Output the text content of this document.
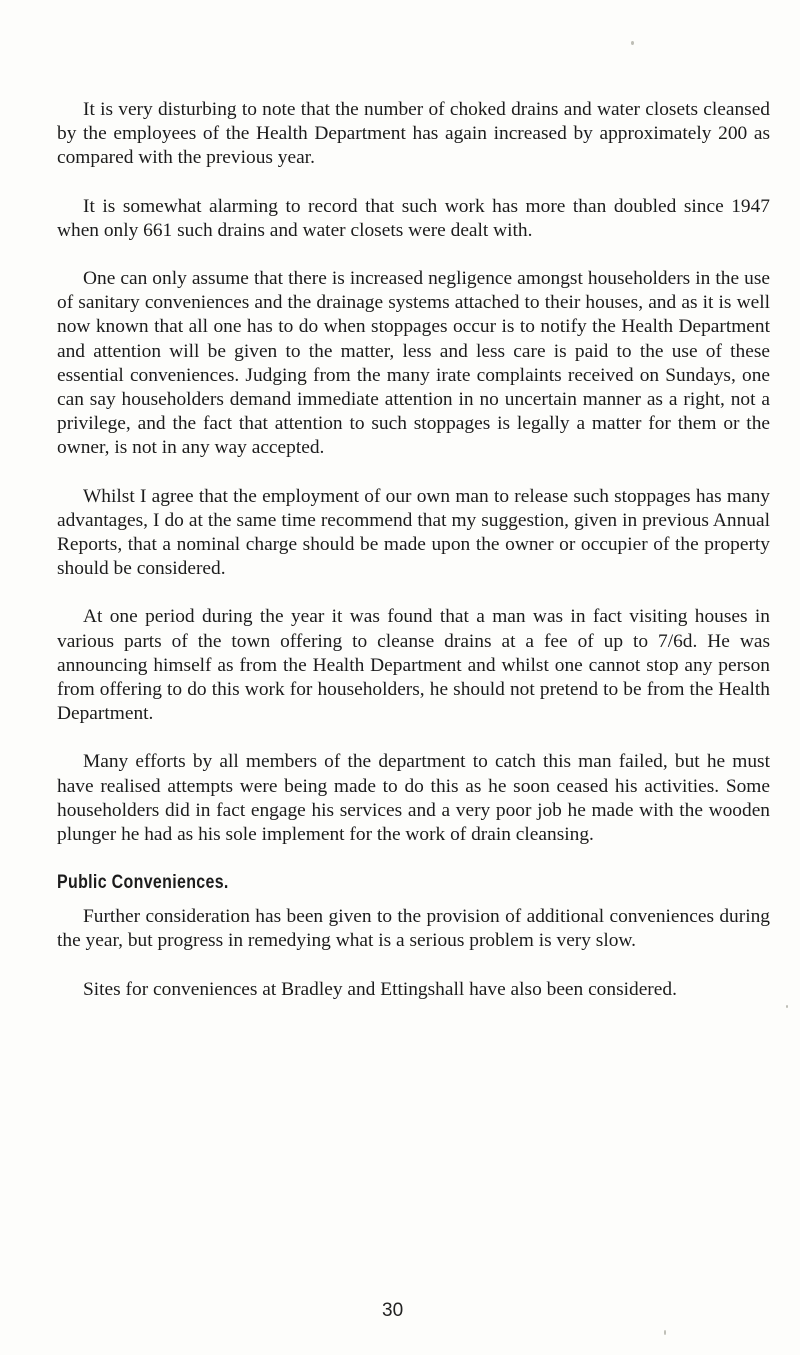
It is very disturbing to note that the number of choked drains and water closets cleansed by the employees of the Health Department has again increased by approximately 200 as compared with the previous year.

It is somewhat alarming to record that such work has more than doubled since 1947 when only 661 such drains and water closets were dealt with.

One can only assume that there is increased negligence amongst householders in the use of sanitary conveniences and the drainage systems attached to their houses, and as it is well now known that all one has to do when stoppages occur is to notify the Health Department and attention will be given to the matter, less and less care is paid to the use of these essential conveniences. Judging from the many irate complaints received on Sundays, one can say householders demand immediate attention in no uncertain manner as a right, not a privilege, and the fact that attention to such stoppages is legally a matter for them or the owner, is not in any way accepted.

Whilst I agree that the employment of our own man to release such stoppages has many advantages, I do at the same time recommend that my suggestion, given in previous Annual Reports, that a nominal charge should be made upon the owner or occupier of the property should be considered.

At one period during the year it was found that a man was in fact visiting houses in various parts of the town offering to cleanse drains at a fee of up to 7/6d. He was announcing himself as from the Health Department and whilst one cannot stop any person from offering to do this work for householders, he should not pretend to be from the Health Department.

Many efforts by all members of the department to catch this man failed, but he must have realised attempts were being made to do this as he soon ceased his activities. Some householders did in fact engage his services and a very poor job he made with the wooden plunger he had as his sole implement for the work of drain cleansing.

Public Conveniences.

Further consideration has been given to the provision of additional conveniences during the year, but progress in remedying what is a serious problem is very slow.

Sites for conveniences at Bradley and Ettingshall have also been considered.

30
